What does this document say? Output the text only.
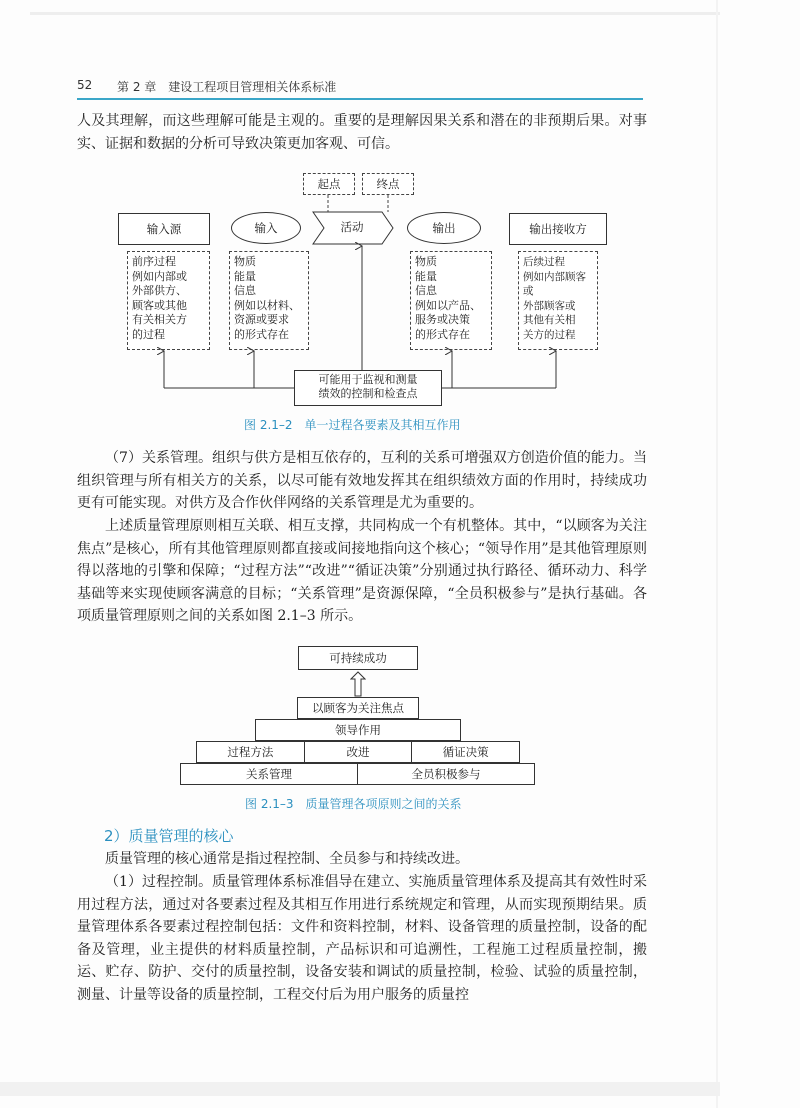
52 第 2 章　建设工程项目管理相关体系标准

人及其理解，而这些理解可能是主观的。重要的是理解因果关系和潜在的非预期后果。对事实、证据和数据的分析可导致决策更加客观、可信。

起点	终点
输入源	输入	活动	输出	输出接收方
前序过程
例如内部或
外部供方、
顾客或其他
有关相关方
的过程
物质
能量
信息
例如以材料、
资源或要求
的形式存在
物质
能量
信息
例如以产品、
服务或决策
的形式存在
后续过程
例如内部顾客或
外部顾客或
其他有关相
关方的过程
可能用于监视和测量
绩效的控制和检查点
图 2.1–2　单一过程各要素及其相互作用

（7）关系管理。组织与供方是相互依存的，互利的关系可增强双方创造价值的能力。当组织管理与所有相关方的关系，以尽可能有效地发挥其在组织绩效方面的作用时，持续成功更有可能实现。对供方及合作伙伴网络的关系管理是尤为重要的。

上述质量管理原则相互关联、相互支撑，共同构成一个有机整体。其中，“以顾客为关注焦点”是核心，所有其他管理原则都直接或间接地指向这个核心；“领导作用”是其他管理原则得以落地的引擎和保障；“过程方法”“改进”“循证决策”分别通过执行路径、循环动力、科学基础等来实现使顾客满意的目标；“关系管理”是资源保障，“全员积极参与”是执行基础。各项质量管理原则之间的关系如图 2.1–3 所示。

可持续成功
以顾客为关注焦点
领导作用
过程方法	改进	循证决策
关系管理	全员积极参与
图 2.1–3　质量管理各项原则之间的关系
2）质量管理的核心

质量管理的核心通常是指过程控制、全员参与和持续改进。

（1）过程控制。质量管理体系标准倡导在建立、实施质量管理体系及提高其有效性时采用过程方法，通过对各要素过程及其相互作用进行系统规定和管理，从而实现预期结果。质量管理体系各要素过程控制包括：文件和资料控制，材料、设备管理的质量控制，设备的配备及管理，业主提供的材料质量控制，产品标识和可追溯性，工程施工过程质量控制，搬运、贮存、防护、交付的质量控制，设备安装和调试的质量控制，检验、试验的质量控制，测量、计量等设备的质量控制，工程交付后为用户服务的质量控
